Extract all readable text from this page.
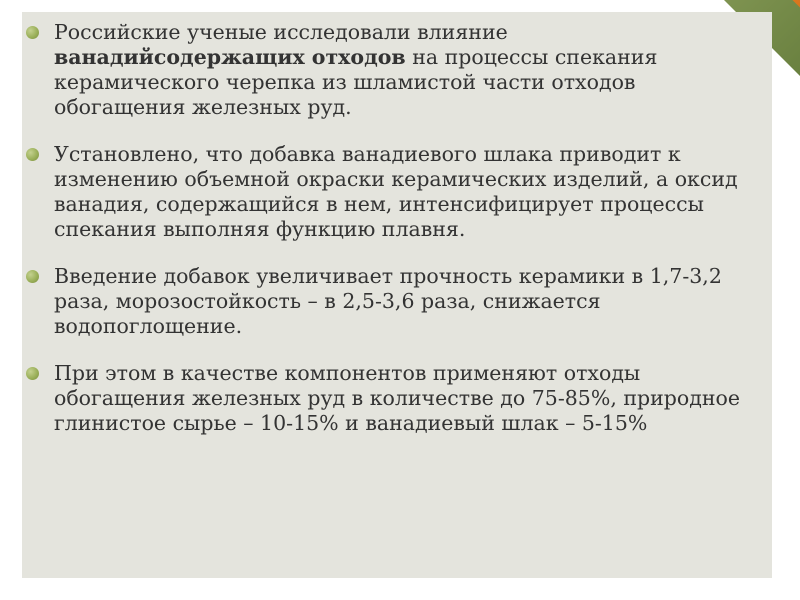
Российские ученые исследовали влияние ванадийсодержащих отходов на процессы спекания керамического черепка из шламистой части отходов обогащения железных руд.
Установлено, что добавка ванадиевого шлака приводит к изменению объемной окраски керамических изделий, а оксид ванадия, содержащийся в нем, интенсифицирует процессы спекания выполняя функцию плавня.
Введение добавок увеличивает прочность керамики в 1,7-3,2 раза, морозостойкость – в 2,5-3,6 раза, снижается водопоглощение.
При этом в качестве компонентов применяют отходы обогащения железных руд в количестве до 75-85%, природное глинистое сырье – 10-15% и ванадиевый шлак – 5-15%
